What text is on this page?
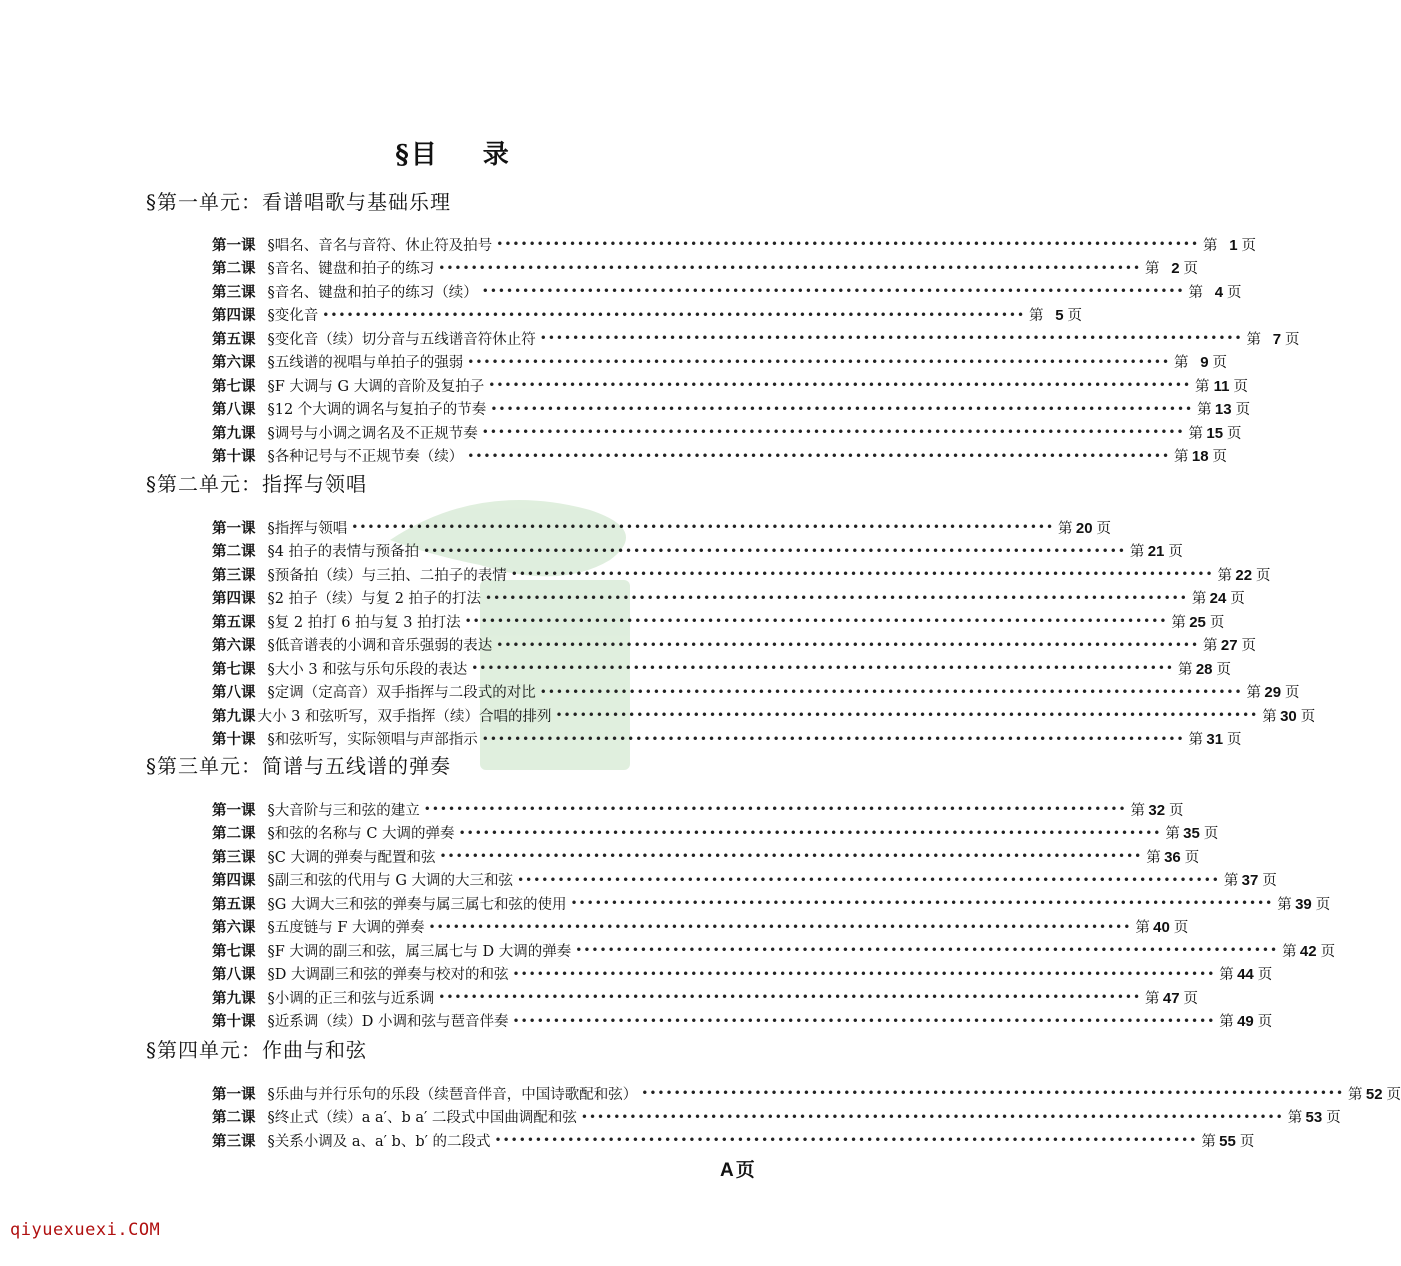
§目 录
§第一单元：看谱唱歌与基础乐理
第一课 §唱名、音名与音符、休止符及拍号 ••••••••••••••••••••••••••••••••••••••••••••••••••••••••••••••••••••••••••••••••••••••• 第 1 页
第二课 §音名、键盘和拍子的练习 ••••••••••••••••••••••••••••••••••••••••••••••••••••••••••••••••••••••••••••••••••••••• 第 2 页
第三课 §音名、键盘和拍子的练习（续） ••••••••••••••••••••••••••••••••••••••••••••••••••••••••••••••••••••••••••••••••••••••• 第 4 页
第四课 §变化音 ••••••••••••••••••••••••••••••••••••••••••••••••••••••••••••••••••••••••••••••••••••••• 第 5 页
第五课 §变化音（续）切分音与五线谱音符休止符 ••••••••••••••••••••••••••••••••••••••••••••••••••••••••••••••••••••••••••••••••••••••• 第 7 页
第六课 §五线谱的视唱与单拍子的强弱 ••••••••••••••••••••••••••••••••••••••••••••••••••••••••••••••••••••••••••••••••••••••• 第 9 页
第七课 §F 大调与 G 大调的音阶及复拍子 ••••••••••••••••••••••••••••••••••••••••••••••••••••••••••••••••••••••••••••••••••••••• 第 11 页
第八课 §12 个大调的调名与复拍子的节奏 ••••••••••••••••••••••••••••••••••••••••••••••••••••••••••••••••••••••••••••••••••••••• 第 13 页
第九课 §调号与小调之调名及不正规节奏 ••••••••••••••••••••••••••••••••••••••••••••••••••••••••••••••••••••••••••••••••••••••• 第 15 页
第十课 §各种记号与不正规节奏（续） ••••••••••••••••••••••••••••••••••••••••••••••••••••••••••••••••••••••••••••••••••••••• 第 18 页
§第二单元：指挥与领唱
第一课 §指挥与领唱 ••••••••••••••••••••••••••••••••••••••••••••••••••••••••••••••••••••••••••••••••••••••• 第 20 页
第二课 §4 拍子的表情与预备拍 ••••••••••••••••••••••••••••••••••••••••••••••••••••••••••••••••••••••••••••••••••••••• 第 21 页
第三课 §预备拍（续）与三拍、二拍子的表情 ••••••••••••••••••••••••••••••••••••••••••••••••••••••••••••••••••••••••••••••••••••••• 第 22 页
第四课 §2 拍子（续）与复 2 拍子的打法 ••••••••••••••••••••••••••••••••••••••••••••••••••••••••••••••••••••••••••••••••••••••• 第 24 页
第五课 §复 2 拍打 6 拍与复 3 拍打法 ••••••••••••••••••••••••••••••••••••••••••••••••••••••••••••••••••••••••••••••••••••••• 第 25 页
第六课 §低音谱表的小调和音乐强弱的表达 ••••••••••••••••••••••••••••••••••••••••••••••••••••••••••••••••••••••••••••••••••••••• 第 27 页
第七课 §大小 3 和弦与乐句乐段的表达 ••••••••••••••••••••••••••••••••••••••••••••••••••••••••••••••••••••••••••••••••••••••• 第 28 页
第八课 §定调（定高音）双手指挥与二段式的对比 ••••••••••••••••••••••••••••••••••••••••••••••••••••••••••••••••••••••••••••••••••••••• 第 29 页
第九课 大小 3 和弦听写，双手指挥（续）合唱的排列 ••••••••••••••••••••••••••••••••••••••••••••••••••••••••••••••••••••••••••••••••••••••• 第 30 页
第十课 §和弦听写，实际领唱与声部指示 ••••••••••••••••••••••••••••••••••••••••••••••••••••••••••••••••••••••••••••••••••••••• 第 31 页
§第三单元：简谱与五线谱的弹奏
第一课 §大音阶与三和弦的建立 ••••••••••••••••••••••••••••••••••••••••••••••••••••••••••••••••••••••••••••••••••••••• 第 32 页
第二课 §和弦的名称与 C 大调的弹奏 ••••••••••••••••••••••••••••••••••••••••••••••••••••••••••••••••••••••••••••••••••••••• 第 35 页
第三课 §C 大调的弹奏与配置和弦 ••••••••••••••••••••••••••••••••••••••••••••••••••••••••••••••••••••••••••••••••••••••• 第 36 页
第四课 §副三和弦的代用与 G 大调的大三和弦 ••••••••••••••••••••••••••••••••••••••••••••••••••••••••••••••••••••••••••••••••••••••• 第 37 页
第五课 §G 大调大三和弦的弹奏与属三属七和弦的使用 ••••••••••••••••••••••••••••••••••••••••••••••••••••••••••••••••••••••••••••••••••••••• 第 39 页
第六课 §五度链与 F 大调的弹奏 ••••••••••••••••••••••••••••••••••••••••••••••••••••••••••••••••••••••••••••••••••••••• 第 40 页
第七课 §F 大调的副三和弦，属三属七与 D 大调的弹奏 ••••••••••••••••••••••••••••••••••••••••••••••••••••••••••••••••••••••••••••••••••••••• 第 42 页
第八课 §D 大调副三和弦的弹奏与校对的和弦 ••••••••••••••••••••••••••••••••••••••••••••••••••••••••••••••••••••••••••••••••••••••• 第 44 页
第九课 §小调的正三和弦与近系调 ••••••••••••••••••••••••••••••••••••••••••••••••••••••••••••••••••••••••••••••••••••••• 第 47 页
第十课 §近系调（续）D 小调和弦与琶音伴奏 ••••••••••••••••••••••••••••••••••••••••••••••••••••••••••••••••••••••••••••••••••••••• 第 49 页
§第四单元：作曲与和弦
第一课 §乐曲与并行乐句的乐段（续琶音伴音，中国诗歌配和弦） ••••••••••••••••••••••••••••••••••••••••••••••••••••••••••••••••••••••••••••••••••••••• 第 52 页
第二课 §终止式（续）a a′、b a′ 二段式中国曲调配和弦 ••••••••••••••••••••••••••••••••••••••••••••••••••••••••••••••••••••••••••••••••••••••• 第 53 页
第三课 §关系小调及 a、a′ b、b′ 的二段式 ••••••••••••••••••••••••••••••••••••••••••••••••••••••••••••••••••••••••••••••••••••••• 第 55 页
A 页
qiyuexuexi.COM
